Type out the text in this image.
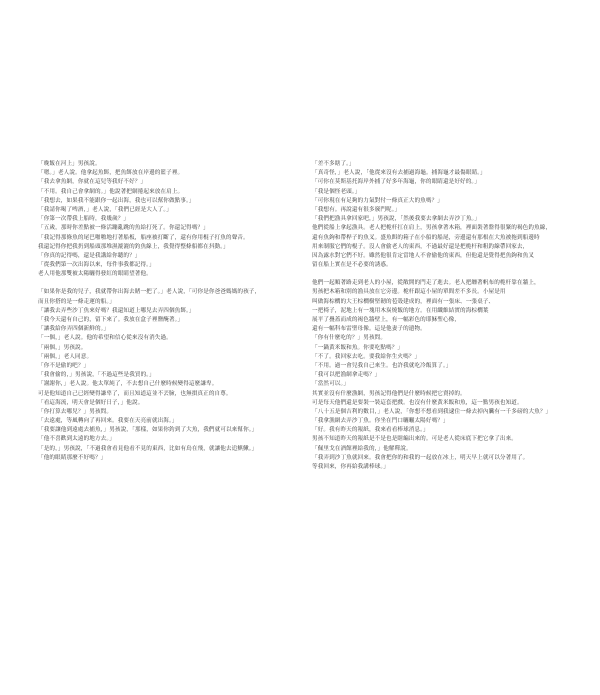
「晚飯在河上」男孩說。
「嗯。」老人說。他拿起魚餌，把魚餌放在岸邊的籃子裡。
「我去拿魚網，你就在這兒等我好不好？」
「不用。我自己會拿網的。」他說著把網捲起來放在肩上。
「我想去，如果我不能跟你一起出海，我也可以幫你做點事。」
「我請你喝了啤酒，」老人說，「我們已經是大人了。」
「你第一次帶我上船時，我幾歲？」
「五歲，那時你差點被一條活蹦亂跳的魚給打死了。你還記得嗎？」
「我記得那條魚的尾巴啪啪地打著船板，船座被打斷了，還有你用棍子打魚的聲音。
我還記得你把我扔到船頭那堆濕漉漉的釣魚線上，我覺得整條船都在抖動。」
「你真的記得嗎，還是我講給你聽的？」
「從我們第一次出海以來，每件事我都記得。」
老人用他那雙被太陽曬得發紅的眼睛望著他。
「如果你是我的兒子，我就帶你出海去賭一把了。」老人說，「可你是你爸爸媽媽的孩子，
而且你搭的是一條走運的船。」
「讓我去弄些沙丁魚來好嗎？我還知道上哪兒去弄四個魚餌。」
「我今天還有自己的，留下來了。我放在盒子裡鹽醃著。」
「讓我給你弄四個新鮮的。」
「一個，」老人說。他的希望和信心從來沒有消失過。
「兩個，」男孩說。
「兩個，」老人同意。
「你不是偷的吧？」
「我會偷的，」男孩說，「不過這些是我買的。」
「謝謝你，」老人說。他太單純了，不去想自己什麼時候變得這麼謙卑。
可是他知道自己已經變得謙卑了，而且知道這並不丟臉，也無損真正的自尊。
「看這海流，明天會是個好日子，」他說。
「你打算去哪兒？」男孩問。
「去遠處，等風轉向了再回來。我要在天亮前就出海。」
「我要讓他到遠處去捕魚，」男孩說，「那樣，如果你釣到了大魚，我們就可以來幫你。」
「他不喜歡到太遠的地方去。」
「是的，」男孩說，「不過我會看見他看不見的東西，比如有鳥在飛，就讓他去追鯕鰍。」
「他的眼睛那麼不好嗎？」
「差不多瞎了。」
「真奇怪，」老人說，「他從來沒有去捕過海龜。捕海龜才最傷眼睛。」
「可你在莫斯基托海岸外捕了好多年海龜，你的眼睛還是好好的。」
「我是個怪老頭。」
「可你現在有足夠的力氣對付一條真正大的魚嗎？」
「我想有。再說還有很多竅門呢。」
「我們把漁具拿回家吧，」男孩說，「然後我要去拿網去弄沙丁魚。」
他們從船上拿起漁具。老人把桅杆扛在肩上，男孩拿著木箱，裡面裝著盤得很緊的褐色釣魚線，
還有魚鉤和帶桿子的魚叉。盛魚餌的箱子在小船的船尾，旁邊還有那根在大魚被拖到船邊時
用來制服它們的棍子。沒人會偷老人的東西，不過最好還是把桅杆和粗釣線帶回家去，
因為露水對它們不好。雖然他很肯定當地人不會偷他的東西，但他還是覺得把魚鉤和魚叉
留在船上實在是不必要的誘惑。
他們一起順著路走到老人的小屋，從敞開的門走了進去。老人把纏著帆布的桅杆靠在牆上，
男孩把木箱和別的漁具放在它旁邊。桅杆跟這小屋的單間差不多長。小屋是用
叫做海棕櫚的大王棕櫚樹堅韌的苞殼建成的，裡面有一張床、一張桌子、
一把椅子，泥地上有一塊用木炭燒飯的地方。在用纖維結實的海棕櫚葉
展平了疊蓋而成的褐色牆壁上，有一幅彩色的耶穌聖心像，
還有一幅科布雷聖母像。這是他妻子的遺物。
「你有什麼吃的？」男孩問。
「一鍋黃米飯和魚。你要吃點嗎？」
「不了。我回家去吃。要我給你生火嗎？」
「不用。過一會兒我自己來生。也許我就吃冷飯算了。」
「我可以把漁網拿走嗎？」
「當然可以。」
其實並沒有什麼漁網，男孩記得他們是什麼時候把它賣掉的。
可是每天他們還是要裝一裝這套把戲。也沒有什麼黃米飯和魚，這一點男孩也知道。
「八十五是個吉利的數目，」老人說，「你想不想看到我逮住一條去掉內臟有一千多磅的大魚？」
「我拿漁網去弄沙丁魚。你坐在門口曬曬太陽好嗎？」
「好。我有昨天的報紙，我來看看棒球消息。」
男孩不知道昨天的報紙是不是也是瞎編出來的。可是老人從床底下把它拿了出來。
「佩里戈在酒館裡給我的，」他解釋說。
「我弄到沙丁魚就回來。我會把你的和我的一起放在冰上，明天早上就可以分著用了。
等我回來，你再給我講棒球。」
